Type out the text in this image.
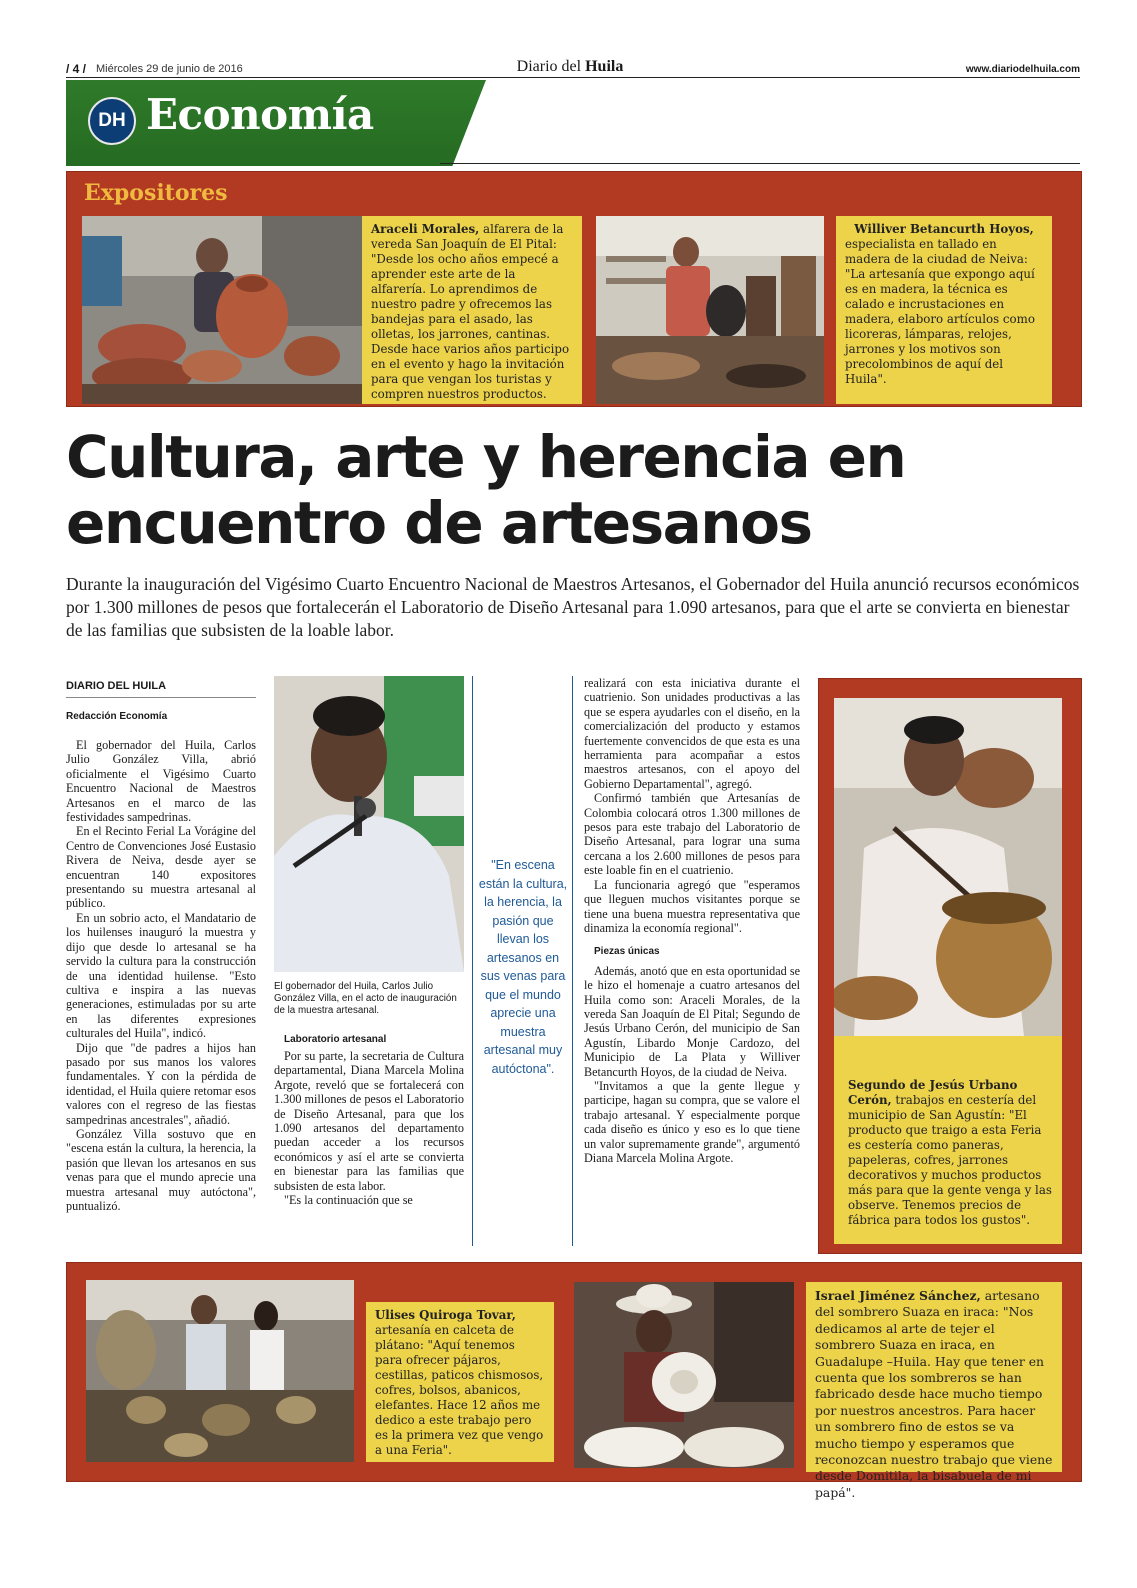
/ 4 / Miércoles 29 de junio de 2016	Diario del Huila	www.diariodelhuila.com
DH Economía
Expositores
Araceli Morales, alfarera de la vereda San Joaquín de El Pital: "Desde los ocho años empecé a aprender este arte de la alfarería. Lo aprendimos de nuestro padre y ofrecemos las bandejas para el asado, las olletas, los jarrones, cantinas. Desde hace varios años participo en el evento y hago la invitación para que vengan los turistas y compren nuestros productos.
Williver Betancurth Hoyos,
especialista en tallado en madera de la ciudad de Neiva: "La artesanía que expongo aquí es en madera, la técnica es calado e incrustaciones en madera, elaboro artículos como licoreras, lámparas, relojes, jarrones y los motivos son precolombinos de aquí del Huila".
Cultura, arte y herencia en
encuentro de artesanos
Durante la inauguración del Vigésimo Cuarto Encuentro Nacional de Maestros Artesanos, el Gobernador del Huila anunció recursos económicos por 1.300 millones de pesos que fortalecerán el Laboratorio de Diseño Artesanal para 1.090 artesanos, para que el arte se convierta en bienestar de las familias que subsisten de la loable labor.
DIARIO DEL HUILA
Redacción Economía

El gobernador del Huila, Carlos Julio González Villa, abrió oficialmente el Vigésimo Cuarto Encuentro Nacional de Maestros Artesanos en el marco de las festividades sampedrinas.

En el Recinto Ferial La Vorágine del Centro de Convenciones José Eustasio Rivera de Neiva, desde ayer se encuentran 140 expositores presentando su muestra artesanal al público.

En un sobrio acto, el Mandatario de los huilenses inauguró la muestra y dijo que desde lo artesanal se ha servido la cultura para la construcción de una identidad huilense. "Esto cultiva e inspira a las nuevas generaciones, estimuladas por su arte en las diferentes expresiones culturales del Huila", indicó.

Dijo que "de padres a hijos han pasado por sus manos los valores fundamentales. Y con la pérdida de identidad, el Huila quiere retomar esos valores con el regreso de las fiestas sampedrinas ancestrales", añadió.

González Villa sostuvo que en "escena están la cultura, la herencia, la pasión que llevan los artesanos en sus venas para que el mundo aprecie una muestra artesanal muy autóctona", puntualizó.

El gobernador del Huila, Carlos Julio González Villa, en el acto de inauguración de la muestra artesanal.
Laboratorio artesanal

Por su parte, la secretaria de Cultura departamental, Diana Marcela Molina Argote, reveló que se fortalecerá con 1.300 millones de pesos el Laboratorio de Diseño Artesanal, para que los 1.090 artesanos del departamento puedan acceder a los recursos económicos y así el arte se convierta en bienestar para las familias que subsisten de esta labor.

"Es la continuación que se

"En escena están la cultura, la herencia, la pasión que llevan los artesanos en sus venas para que el mundo aprecie una muestra artesanal muy autóctona".

realizará con esta iniciativa durante el cuatrienio. Son unidades productivas a las que se espera ayudarles con el diseño, en la comercialización del producto y estamos fuertemente convencidos de que esta es una herramienta para acompañar a estos maestros artesanos, con el apoyo del Gobierno Departamental", agregó.

Confirmó también que Artesanías de Colombia colocará otros 1.300 millones de pesos para este trabajo del Laboratorio de Diseño Artesanal, para lograr una suma cercana a los 2.600 millones de pesos para este loable fin en el cuatrienio.

La funcionaria agregó que "esperamos que lleguen muchos visitantes porque se tiene una buena muestra representativa que dinamiza la economía regional".

Piezas únicas

Además, anotó que en esta oportunidad se le hizo el homenaje a cuatro artesanos del Huila como son: Araceli Morales, de la vereda San Joaquín de El Pital; Segundo de Jesús Urbano Cerón, del municipio de San Agustín, Libardo Monje Cardozo, del Municipio de La Plata y Williver Betancurth Hoyos, de la ciudad de Neiva.

"Invitamos a que la gente llegue y participe, hagan su compra, que se valore el trabajo artesanal. Y especialmente porque cada diseño es único y eso es lo que tiene un valor supremamente grande", argumentó Diana Marcela Molina Argote.

Segundo de Jesús Urbano Cerón, trabajos en cestería del municipio de San Agustín: "El producto que traigo a esta Feria es cestería como paneras, papeleras, cofres, jarrones decorativos y muchos productos más para que la gente venga y las observe. Tenemos precios de fábrica para todos los gustos".
Ulises Quiroga Tovar, artesanía en calceta de plátano: "Aquí tenemos para ofrecer pájaros, cestillas, paticos chismosos, cofres, bolsos, abanicos, elefantes. Hace 12 años me dedico a este trabajo pero es la primera vez que vengo a una Feria".
Israel Jiménez Sánchez, artesano del sombrero Suaza en iraca: "Nos dedicamos al arte de tejer el sombrero Suaza en iraca, en Guadalupe –Huila. Hay que tener en cuenta que los sombreros se han fabricado desde hace mucho tiempo por nuestros ancestros. Para hacer un sombrero fino de estos se va mucho tiempo y esperamos que reconozcan nuestro trabajo que viene desde Domitila, la bisabuela de mi papá".
